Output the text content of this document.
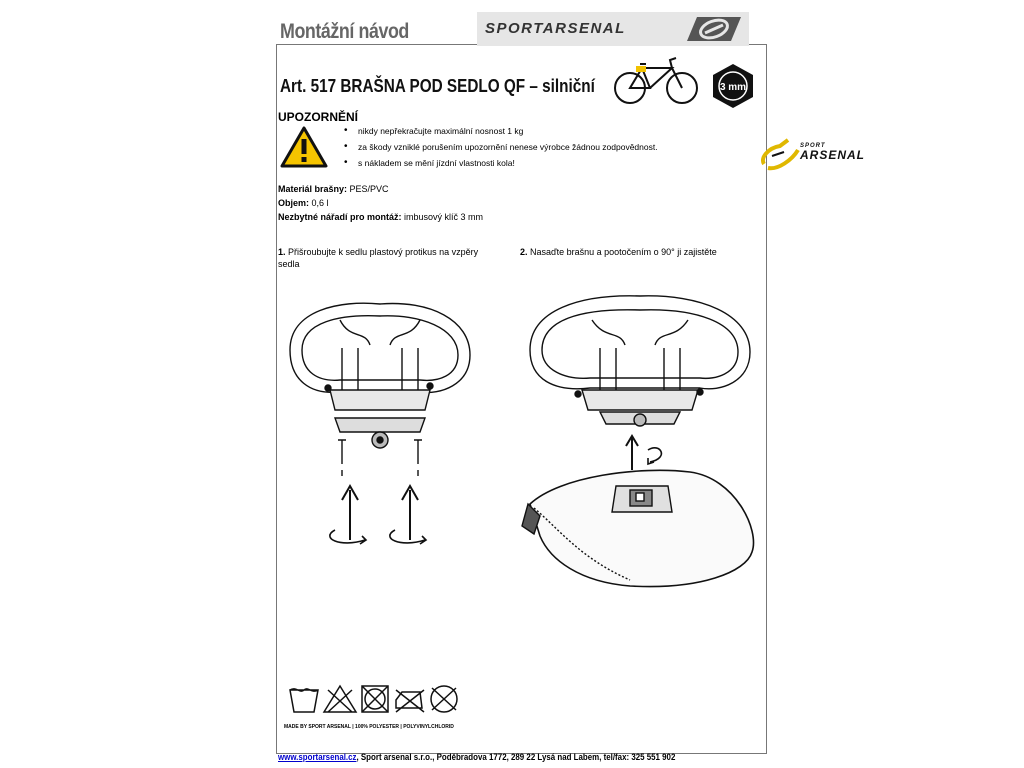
Montážní návod	SPORTARSENAL
Art. 517 BRAŠNA POD SEDLO QF – silniční	3 mm
UPOZORNĚNÍ
• nikdy nepřekračujte maximální nosnost 1 kg
• za škody vzniklé porušením upozornění nenese výrobce žádnou zodpovědnost.
• s nákladem se mění jízdní vlastnosti kola!
Materiál brašny: PES/PVC
Objem: 0,6 l
Nezbytné nářadí pro montáž: imbusový klíč 3 mm
1. Přišroubujte k sedlu plastový protikus na vzpěry sedla
2. Nasaďte brašnu a pootočením o 90° ji zajistěte
MADE BY SPORT ARSENAL | 100% POLYESTER | POLYVINYLCHLORID
www.sportarsenal.cz, Sport arsenal s.r.o., Poděbradova 1772, 289 22 Lysá nad Labem, tel/fax: 325 551 902
SPORT
ARSENAL
